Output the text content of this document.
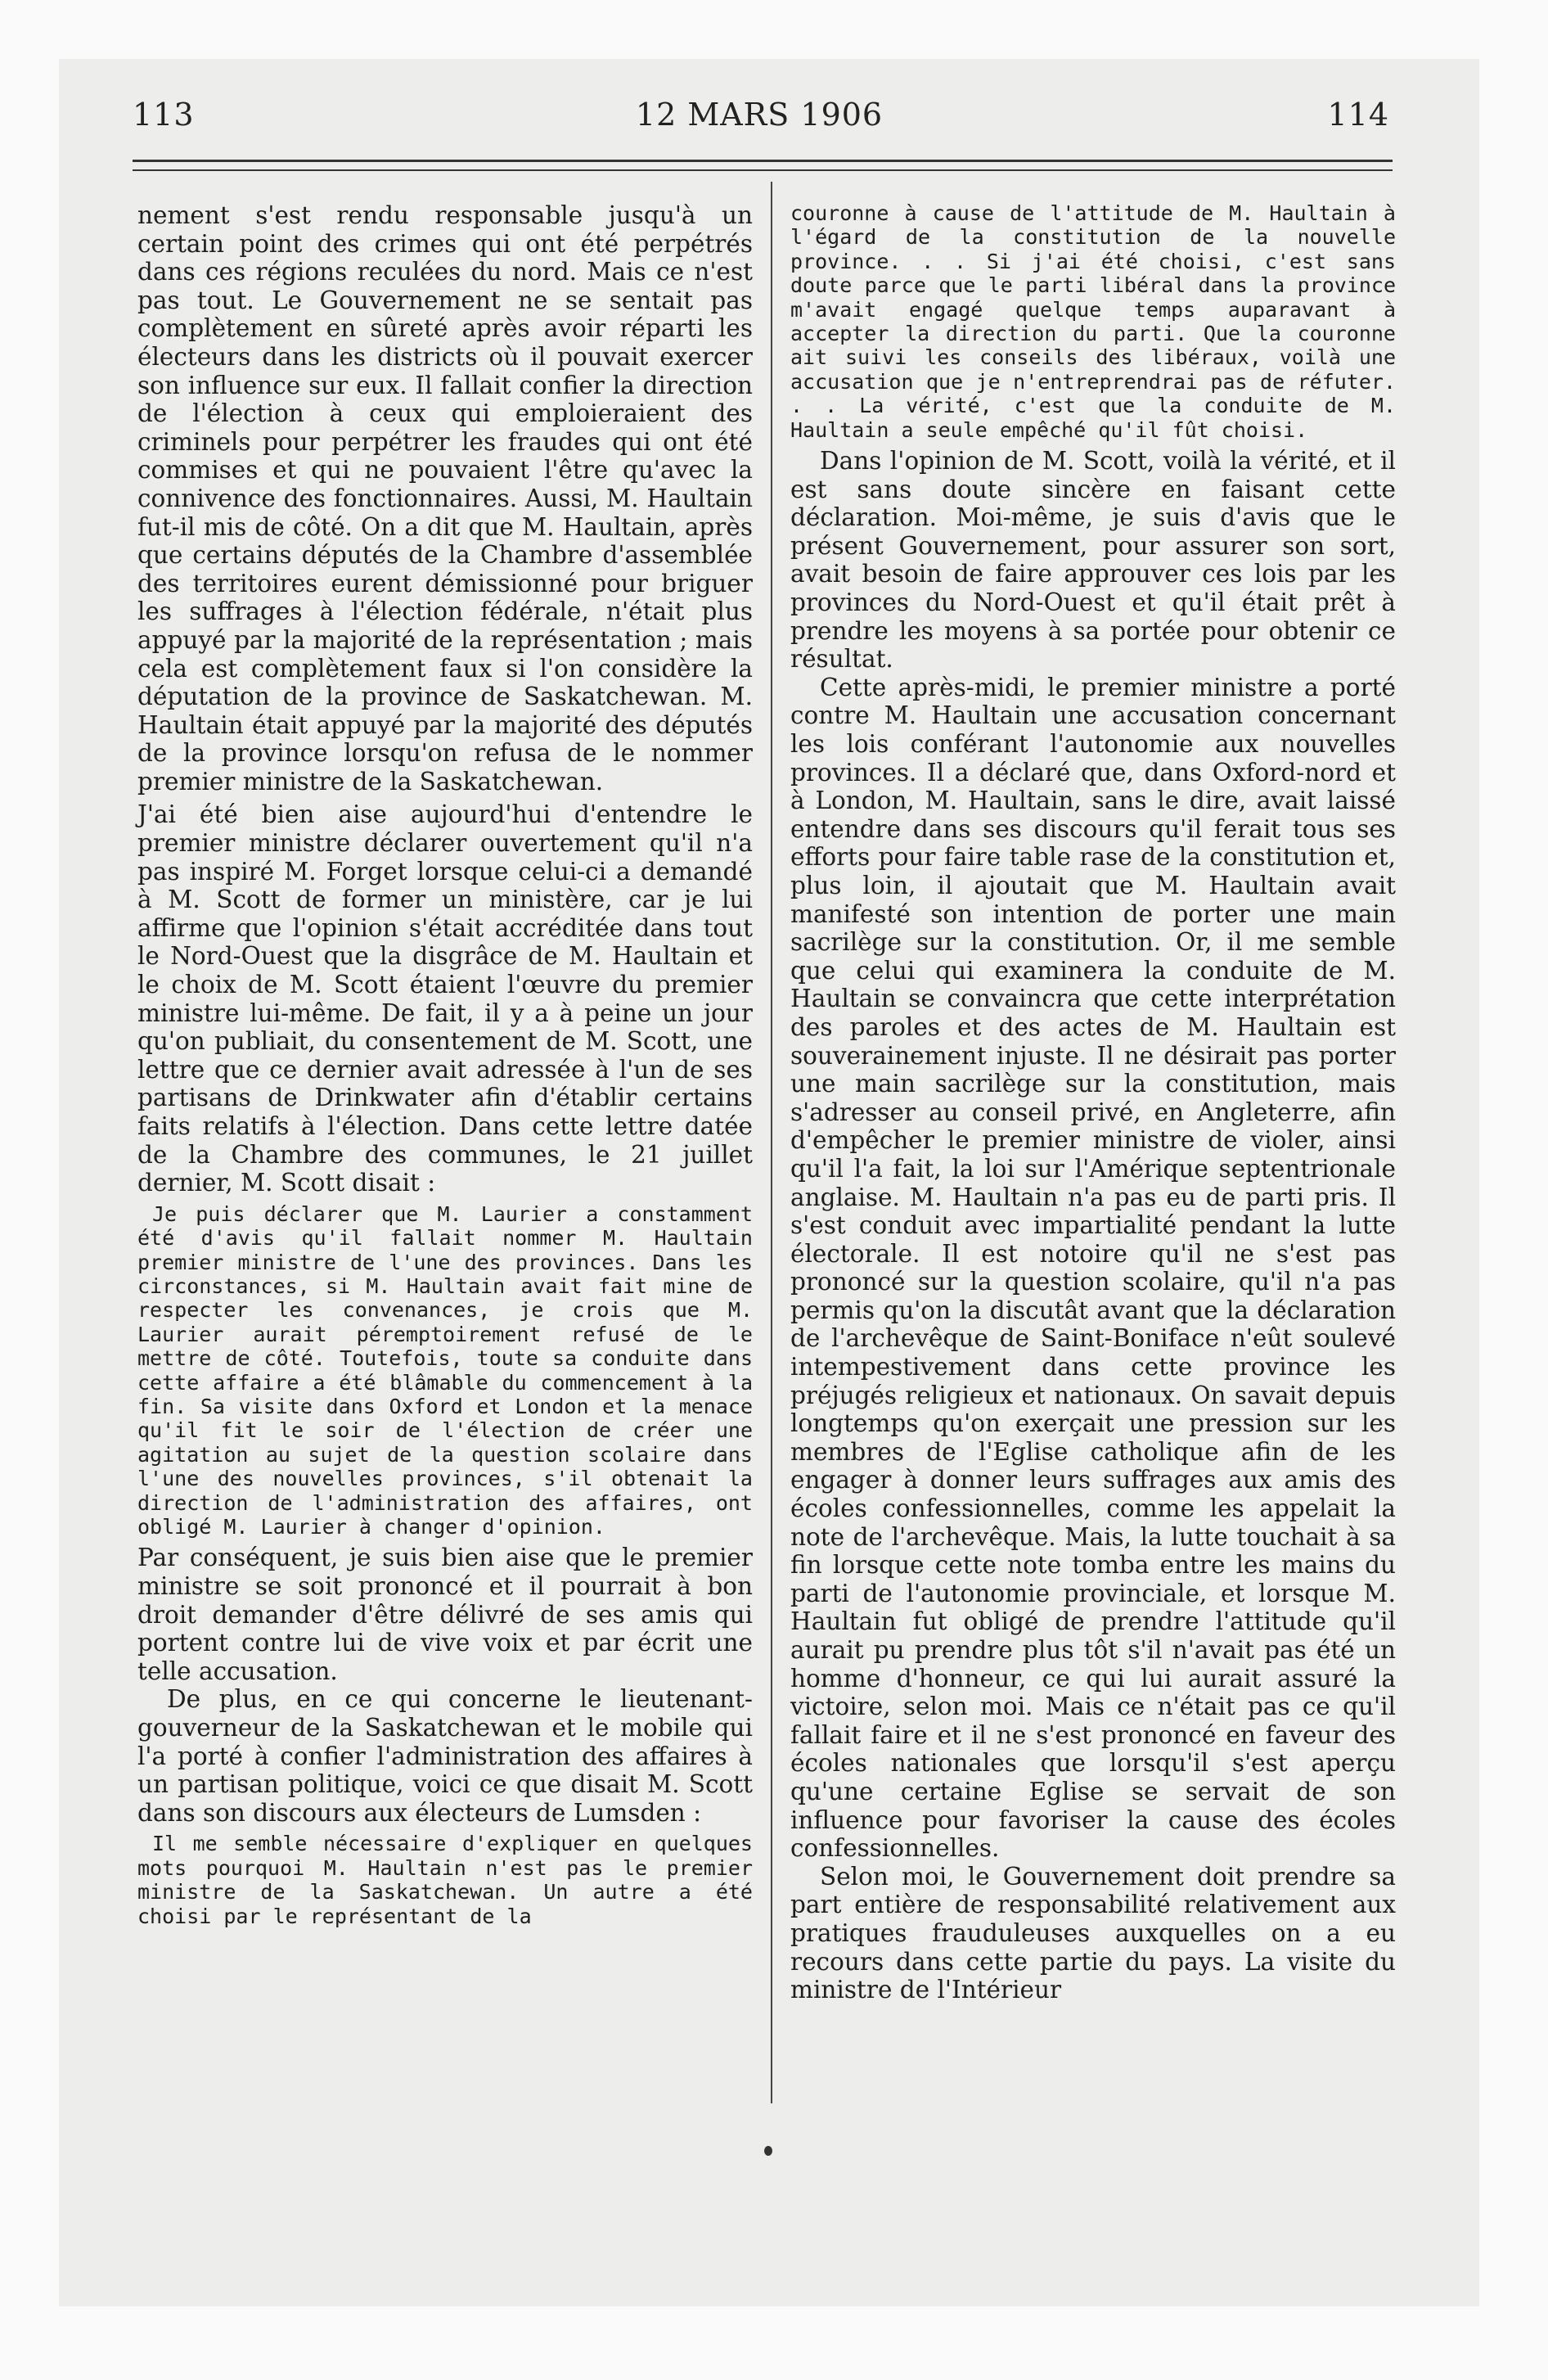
113	12 MARS 1906	114

nement s'est rendu responsable jusqu'à un certain point des crimes qui ont été perpétrés dans ces régions reculées du nord. Mais ce n'est pas tout. Le Gouvernement ne se sentait pas complètement en sûreté après avoir réparti les électeurs dans les districts où il pouvait exercer son influence sur eux. Il fallait confier la direction de l'élection à ceux qui emploieraient des criminels pour perpétrer les fraudes qui ont été commises et qui ne pouvaient l'être qu'avec la connivence des fonctionnaires. Aussi, M. Haultain fut-il mis de côté. On a dit que M. Haultain, après que certains députés de la Chambre d'assemblée des territoires eurent démissionné pour briguer les suffrages à l'élection fédérale, n'était plus appuyé par la majorité de la représentation ; mais cela est complètement faux si l'on considère la députation de la province de Saskatchewan. M. Haultain était appuyé par la majorité des députés de la province lorsqu'on refusa de le nommer premier ministre de la Saskatchewan.

J'ai été bien aise aujourd'hui d'entendre le premier ministre déclarer ouvertement qu'il n'a pas inspiré M. Forget lorsque celui-ci a demandé à M. Scott de former un ministère, car je lui affirme que l'opinion s'était accréditée dans tout le Nord-Ouest que la disgrâce de M. Haultain et le choix de M. Scott étaient l'œuvre du premier ministre lui-même. De fait, il y a à peine un jour qu'on publiait, du consentement de M. Scott, une lettre que ce dernier avait adressée à l'un de ses partisans de Drinkwater afin d'établir certains faits relatifs à l'élection. Dans cette lettre datée de la Chambre des communes, le 21 juillet dernier, M. Scott disait :

Je puis déclarer que M. Laurier a constamment été d'avis qu'il fallait nommer M. Haultain premier ministre de l'une des provinces. Dans les circonstances, si M. Haultain avait fait mine de respecter les convenances, je crois que M. Laurier aurait péremptoirement refusé de le mettre de côté. Toutefois, toute sa conduite dans cette affaire a été blâmable du commencement à la fin. Sa visite dans Oxford et London et la menace qu'il fit le soir de l'élection de créer une agitation au sujet de la question scolaire dans l'une des nouvelles provinces, s'il obtenait la direction de l'administration des affaires, ont obligé M. Laurier à changer d'opinion.

Par conséquent, je suis bien aise que le premier ministre se soit prononcé et il pourrait à bon droit demander d'être délivré de ses amis qui portent contre lui de vive voix et par écrit une telle accusation.

De plus, en ce qui concerne le lieutenant-gouverneur de la Saskatchewan et le mobile qui l'a porté à confier l'administration des affaires à un partisan politique, voici ce que disait M. Scott dans son discours aux électeurs de Lumsden :

Il me semble nécessaire d'expliquer en quelques mots pourquoi M. Haultain n'est pas le premier ministre de la Saskatchewan. Un autre a été choisi par le représentant de la

couronne à cause de l'attitude de M. Haultain à l'égard de la constitution de la nouvelle province. . . Si j'ai été choisi, c'est sans doute parce que le parti libéral dans la province m'avait engagé quelque temps auparavant à accepter la direction du parti. Que la couronne ait suivi les conseils des libéraux, voilà une accusation que je n'entreprendrai pas de réfuter. . . La vérité, c'est que la conduite de M. Haultain a seule empêché qu'il fût choisi.

Dans l'opinion de M. Scott, voilà la vérité, et il est sans doute sincère en faisant cette déclaration. Moi-même, je suis d'avis que le présent Gouvernement, pour assurer son sort, avait besoin de faire approuver ces lois par les provinces du Nord-Ouest et qu'il était prêt à prendre les moyens à sa portée pour obtenir ce résultat.

Cette après-midi, le premier ministre a porté contre M. Haultain une accusation concernant les lois conférant l'autonomie aux nouvelles provinces. Il a déclaré que, dans Oxford-nord et à London, M. Haultain, sans le dire, avait laissé entendre dans ses discours qu'il ferait tous ses efforts pour faire table rase de la constitution et, plus loin, il ajoutait que M. Haultain avait manifesté son intention de porter une main sacrilège sur la constitution. Or, il me semble que celui qui examinera la conduite de M. Haultain se convaincra que cette interprétation des paroles et des actes de M. Haultain est souverainement injuste. Il ne désirait pas porter une main sacrilège sur la constitution, mais s'adresser au conseil privé, en Angleterre, afin d'empêcher le premier ministre de violer, ainsi qu'il l'a fait, la loi sur l'Amérique septentrionale anglaise. M. Haultain n'a pas eu de parti pris. Il s'est conduit avec impartialité pendant la lutte électorale. Il est notoire qu'il ne s'est pas prononcé sur la question scolaire, qu'il n'a pas permis qu'on la discutât avant que la déclaration de l'archevêque de Saint-Boniface n'eût soulevé intempestivement dans cette province les préjugés religieux et nationaux. On savait depuis longtemps qu'on exerçait une pression sur les membres de l'Eglise catholique afin de les engager à donner leurs suffrages aux amis des écoles confessionnelles, comme les appelait la note de l'archevêque. Mais, la lutte touchait à sa fin lorsque cette note tomba entre les mains du parti de l'autonomie provinciale, et lorsque M. Haultain fut obligé de prendre l'attitude qu'il aurait pu prendre plus tôt s'il n'avait pas été un homme d'honneur, ce qui lui aurait assuré la victoire, selon moi. Mais ce n'était pas ce qu'il fallait faire et il ne s'est prononcé en faveur des écoles nationales que lorsqu'il s'est aperçu qu'une certaine Eglise se servait de son influence pour favoriser la cause des écoles confessionnelles.

Selon moi, le Gouvernement doit prendre sa part entière de responsabilité relativement aux pratiques frauduleuses auxquelles on a eu recours dans cette partie du pays. La visite du ministre de l'Intérieur
